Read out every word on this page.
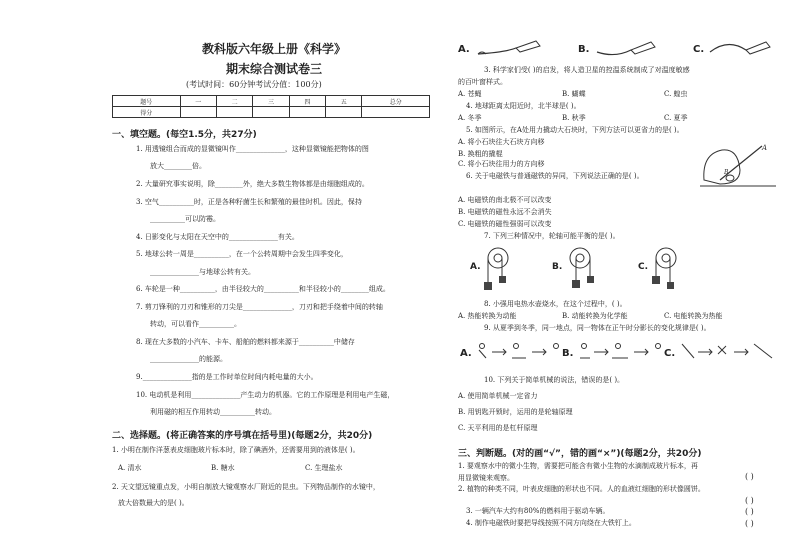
教科版六年级上册《科学》
期末综合测试卷三
(考试时间：60分钟考试分值：100分)
题号	一	二	三	四	五	总分
得分						
一、填空题。(每空1.5分，共27分)
1. 用透镜组合而成的显微镜叫作______________，这种显微镜能把物体的图
放大________倍。
2. 大量研究事实说明，除________外，绝大多数生物体都是由细胞组成的。
3. 空气__________时，正是各种籽菌生长和繁殖的最佳时机。因此，保持
__________可以防霉。
4. 日影变化与太阳在天空中的______________有关。
5. 地球公转一周是__________，在一个公转周期中会发生四季变化，
______________与地球公转有关。
6. 车轮是一种__________，由半径较大的__________和半径较小的________组成。
7. 剪刀锋利的刀刃和锥形的刀尖是______________，刀刃和把手绕着中间的转轴
转动，可以看作__________。
8. 现在大多数的小汽车、卡车、船舶的燃料都来源于__________中储存
______________的能源。
9.______________指的是工作时单位时间内耗电量的大小。
10. 电动机是利用______________产生动力的机器。它的工作原理是利用电产生磁，
利用磁的相互作用转动__________转动。
二、选择题。(将正确答案的序号填在括号里)(每题2分，共20分)
1. 小明在制作洋葱表皮细胞玻片标本时，除了碘酒外，还需要用到的液体是( )。
A. 清水	B. 糖水	C. 生理盐水
2. 天文望远镜重点发，小明自制放大镜观察水厂附近的昆虫。下列物品制作的水镜中，
放大倍数最大的是( )。
A.	B.	C.
3. 科学家们受( )的启发，将人造卫星的控温系统制成了对温度敏感
的百叶窗样式。
A. 苍蝇	B. 蝴蝶	C. 蝗虫
4. 地球距离太阳近时，北半球是( )。
A. 冬季	B. 秋季	C. 夏季
5. 如图所示，在A处用力撬动大石块时，下列方法可以更省力的是( )。
A. 将小石块往大石块方向移
B. 换粗的撬棍
C. 将小石块往用力的方向移
A
B
6. 关于电磁铁与普通磁铁的异同，下列说法正确的是( )。
A. 电磁铁的南北极不可以改变
B. 电磁铁的磁性永远不会消失
C. 电磁铁的磁性强弱可以改变
7. 下列三种情况中，轮轴可能平衡的是( )。
A.	B.	C.
8. 小强用电热水壶烧水，在这个过程中，( )。
A. 热能转换为动能	B. 动能转换为化学能	C. 电能转换为热能
9. 从夏季到冬季，同一地点，同一物体在正午时分影长的变化规律是( )。
A.	B.	C.
10. 下列关于简单机械的说法，错误的是( )。
A. 使用简单机械一定省力
B. 用钥匙开锁时，运用的是轮轴原理
C. 天平利用的是杠杆原理
三、判断题。(对的画“√”，错的画“×”)(每题2分，共20分)
1. 要观察水中的微小生物，需要把可能含有微小生物的水滴制成玻片标本，再
用显微镜来观察。	( )
2. 植物的种类不同，叶表皮细胞的形状也不同。人的血液红细胞的形状像圆饼。
( )
3. 一辆汽车大约有80%的燃料用于驱动车辆。	( )
4. 制作电磁铁时要把导线按照不同方向绕在大铁钉上。	( )
